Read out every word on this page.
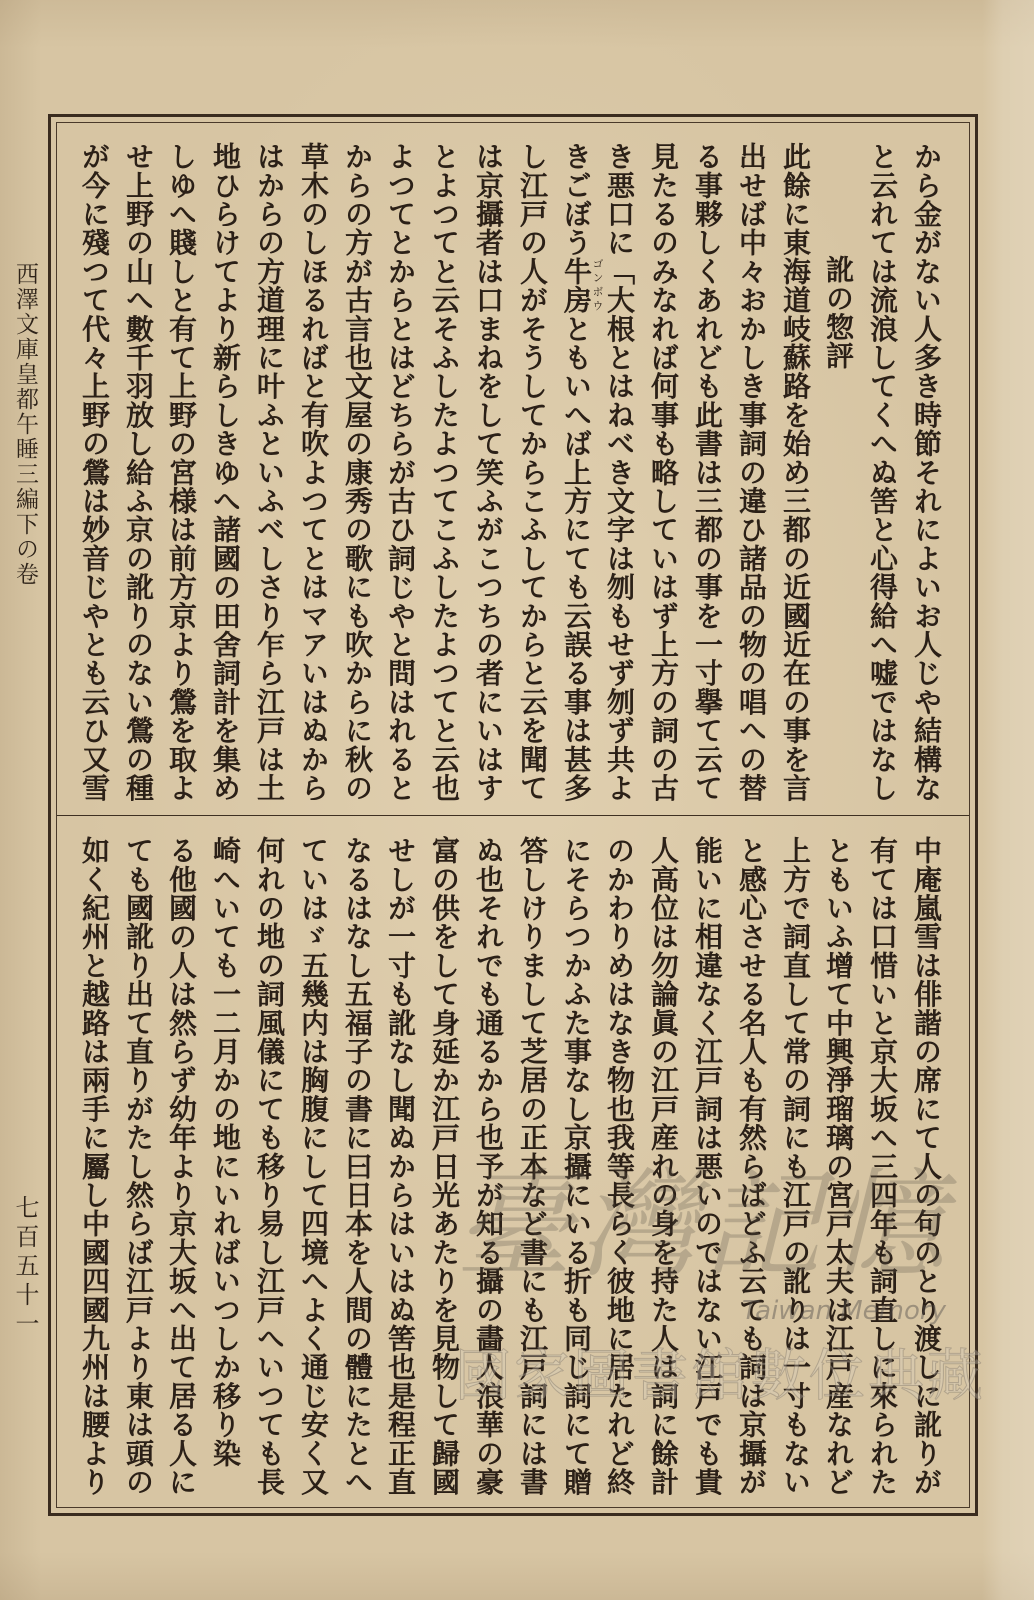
西澤文庫皇都午睡三編下の卷
七百五十一
から金がない人多き時節それによいお人じや結構な
と云れては流浪してくへぬ筈と心得給へ嘘ではなし
訛の惣評
此餘に東海道岐蘇路を始め三都の近國近在の事を言
出せば中々おかしき事詞の違ひ諸品の物の唱への替
る事夥しくあれども此書は三都の事を一寸擧て云て
見たるのみなれば何事も略していはず上方の詞の古
き悪口に「大根とはねべき文字は刎もせず刎ず共よ
きごぼう牛房ともいへば上方にても云誤る事は甚多
ゴンボウ
し江戸の人がそうしてからこふしてからと云を聞て
は京攝者は口まねをして笑ふがこつちの者にいはす
とよつてと云そふしたよつてこふしたよつてと云也
よつてとからとはどちらが古ひ詞じやと問はれると
からの方が古言也文屋の康秀の歌にも吹からに秋の
草木のしほるればと有吹よつてとはマアいはぬから
はからの方道理に叶ふといふべしさり乍ら江戸は土
地ひらけてより新らしきゆへ諸國の田舍詞計を集め
しゆへ賤しと有て上野の宮様は前方京より鶯を取よ
せ上野の山へ數千羽放し給ふ京の訛りのない鶯の種
が今に殘つて代々上野の鶯は妙音じやとも云ひ又雪
中庵嵐雪は俳諧の席にて人の句のとり渡しに訛りが
有ては口惜いと京大坂へ三四年も詞直しに來られた
ともいふ增て中興淨瑠璃の宮戸太夫は江戸産なれど
上方で詞直して常の詞にも江戸の訛りは一寸もない
と感心させる名人も有然らばどふ云ても詞は京攝が
能いに相違なく江戸詞は悪いのではない江戸でも貴
人高位は勿論眞の江戸産れの身を持た人は詞に餘計
のかわりめはなき物也我等長らく彼地に居たれど終
にそらつかふた事なし京攝にいる折も同じ詞にて贈
答しけりまして芝居の正本など書にも江戸詞には書
ぬ也それでも通るから也予が知る攝の畵人浪華の豪
富の供をして身延か江戸日光あたりを見物して歸國
せしが一寸も訛なし聞ぬからはいはぬ筈也是程正直
なるはなし五福子の書に曰日本を人間の體にたとへ
ていはゞ五幾内は胸腹にして四境へよく通じ安く又
何れの地の詞風儀にても移り易し江戸へいつても長
崎へいても一二月かの地にいればいつしか移り染
る他國の人は然らず幼年より京大坂へ出て居る人に
ても國訛り出て直りがたし然らば江戸より東は頭の
如く紀州と越路は兩手に屬し中國四國九州は腰より	臺灣記憶
Taiwan Memory
國家圖書館數位典藏
